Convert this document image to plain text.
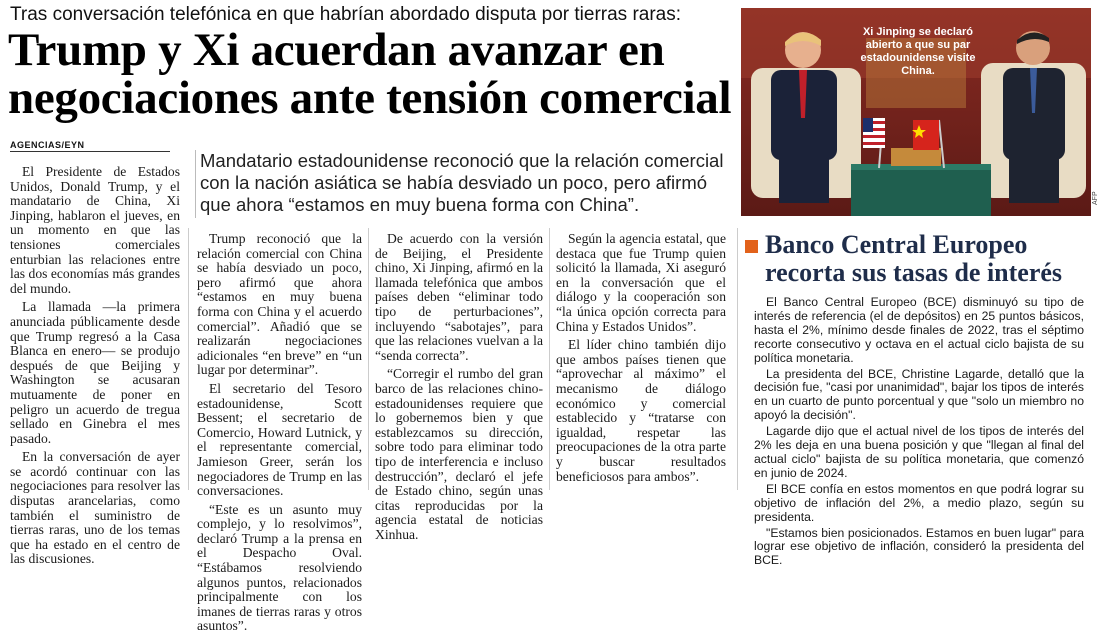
Tras conversación telefónica en que habrían abordado disputa por tierras raras:
Trump y Xi acuerdan avanzar en negociaciones ante tensión comercial
AGENCIAS/EYN
Mandatario estadounidense reconoció que la relación comercial con la nación asiática se había desviado un poco, pero afirmó que ahora “estamos en muy buena forma con China”.

El Presidente de Estados Unidos, Donald Trump, y el mandatario de China, Xi Jinping, hablaron el jueves, en un momento en que las tensiones comerciales enturbian las relaciones entre las dos economías más grandes del mundo.

La llamada —la primera anunciada públicamente desde que Trump regresó a la Casa Blanca en enero— se produjo después de que Beijing y Washington se acusaran mutuamente de poner en peligro un acuerdo de tregua sellado en Ginebra el mes pasado.

En la conversación de ayer se acordó continuar con las negociaciones para resolver las disputas arancelarias, como también el suministro de tierras raras, uno de los temas que ha estado en el centro de las discusiones.

Trump reconoció que la relación comercial con China se había desviado un poco, pero afirmó que ahora “estamos en muy buena forma con China y el acuerdo comercial”. Añadió que se realizarán negociaciones adicionales “en breve” en “un lugar por determinar”.

El secretario del Tesoro estadounidense, Scott Bessent; el secretario de Comercio, Howard Lutnick, y el representante comercial, Jamieson Greer, serán los negociadores de Trump en las conversaciones.

“Este es un asunto muy complejo, y lo resolvimos”, declaró Trump a la prensa en el Despacho Oval. “Estábamos resolviendo algunos puntos, relacionados principalmente con los imanes de tierras raras y otros asuntos”.

De acuerdo con la versión de Beijing, el Presidente chino, Xi Jinping, afirmó en la llamada telefónica que ambos países deben “eliminar todo tipo de perturbaciones”, incluyendo “sabotajes”, para que las relaciones vuelvan a la “senda correcta”.

“Corregir el rumbo del gran barco de las relaciones chino-estadounidenses requiere que lo gobernemos bien y que establezcamos su dirección, sobre todo para eliminar todo tipo de interferencia e incluso destrucción”, declaró el jefe de Estado chino, según unas citas reproducidas por la agencia estatal de noticias Xinhua.

Según la agencia estatal, que destaca que fue Trump quien solicitó la llamada, Xi aseguró en la conversación que el diálogo y la cooperación son “la única opción correcta para China y Estados Unidos”.

El líder chino también dijo que ambos países tienen que “aprovechar al máximo” el mecanismo de diálogo económico y comercial establecido y “tratarse con igualdad, respetar las preocupaciones de la otra parte y buscar resultados beneficiosos para ambos”.

Xi Jinping se declaró abierto a que su par estadounidense visite China.
AFP
Banco Central Europeo recorta sus tasas de interés

El Banco Central Europeo (BCE) disminuyó su tipo de interés de referencia (el de depósitos) en 25 puntos básicos, hasta el 2%, mínimo desde finales de 2022, tras el séptimo recorte consecutivo y octava en el actual ciclo bajista de su política monetaria.

La presidenta del BCE, Christine Lagarde, detalló que la decisión fue, "casi por unanimidad", bajar los tipos de interés en un cuarto de punto porcentual y que "solo un miembro no apoyó la decisión".

Lagarde dijo que el actual nivel de los tipos de interés del 2% les deja en una buena posición y que "llegan al final del actual ciclo" bajista de su política monetaria, que comenzó en junio de 2024.

El BCE confía en estos momentos en que podrá lograr su objetivo de inflación del 2%, a medio plazo, según su presidenta.

"Estamos bien posicionados. Estamos en buen lugar" para lograr ese objetivo de inflación, consideró la presidenta del BCE.
